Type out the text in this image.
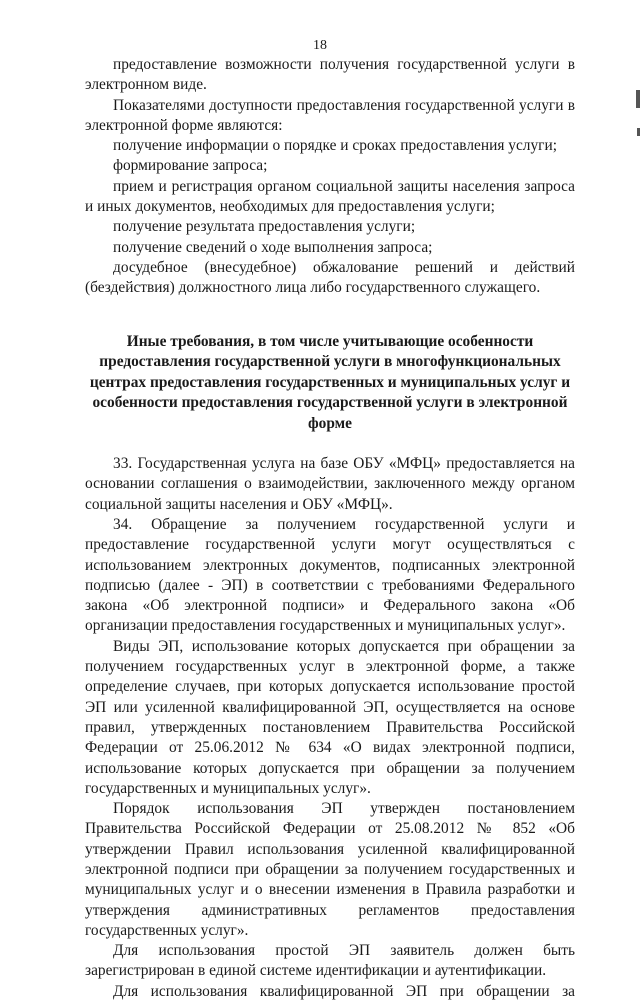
18

предоставление возможности получения государственной услуги в электронном виде.

Показателями доступности предоставления государственной услуги в электронной форме являются:

получение информации о порядке и сроках предоставления услуги;

формирование запроса;

прием и регистрация органом социальной защиты населения запроса и иных документов, необходимых для предоставления услуги;

получение результата предоставления услуги;

получение сведений о ходе выполнения запроса;

досудебное (внесудебное) обжалование решений и действий (бездействия) должностного лица либо государственного служащего.

Иные требования, в том числе учитывающие особенности предоставления государственной услуги в многофункциональных центрах предоставления государственных и муниципальных услуг и особенности предоставления государственной услуги в электронной форме

33. Государственная услуга на базе ОБУ «МФЦ» предоставляется на основании соглашения о взаимодействии, заключенного между органом социальной защиты населения и ОБУ «МФЦ».

34. Обращение за получением государственной услуги и предоставление государственной услуги могут осуществляться с использованием электронных документов, подписанных электронной подписью (далее - ЭП) в соответствии с требованиями Федерального закона «Об электронной подписи» и Федерального закона «Об организации предоставления государственных и муниципальных услуг».

Виды ЭП, использование которых допускается при обращении за получением государственных услуг в электронной форме, а также определение случаев, при которых допускается использование простой ЭП или усиленной квалифицированной ЭП, осуществляется на основе правил, утвержденных постановлением Правительства Российской Федерации от 25.06.2012 № 634 «О видах электронной подписи, использование которых допускается при обращении за получением государственных и муниципальных услуг».

Порядок использования ЭП утвержден постановлением Правительства Российской Федерации от 25.08.2012 № 852 «Об утверждении Правил использования усиленной квалифицированной электронной подписи при обращении за получением государственных и муниципальных услуг и о внесении изменения в Правила разработки и утверждения административных регламентов предоставления государственных услуг».

Для использования простой ЭП заявитель должен быть зарегистрирован в единой системе идентификации и аутентификации.

Для использования квалифицированной ЭП при обращении за
